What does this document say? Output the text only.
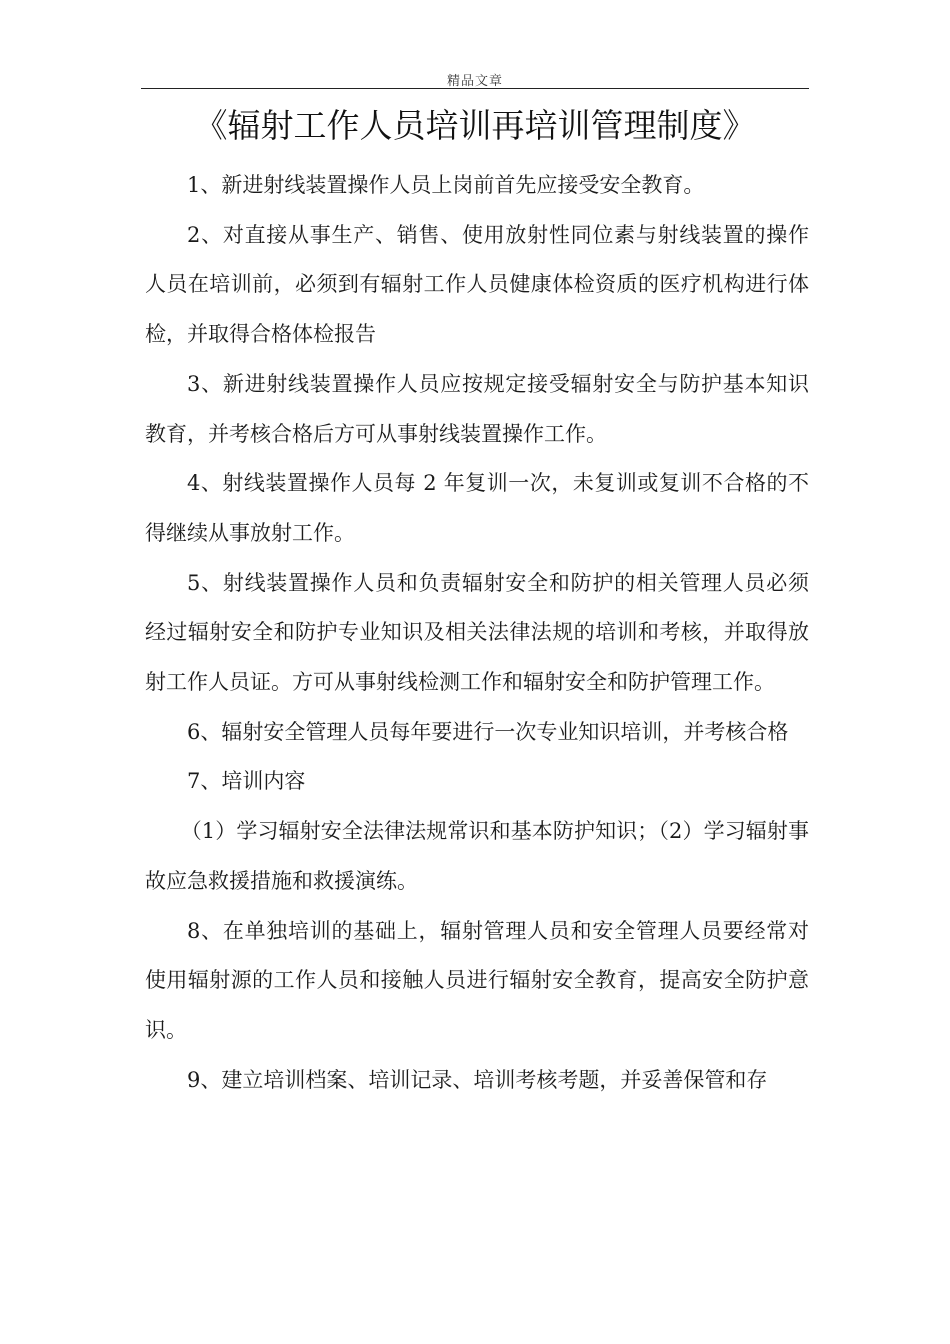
精品文章
《辐射工作人员培训再培训管理制度》

1、新进射线装置操作人员上岗前首先应接受安全教育。

2、对直接从事生产、销售、使用放射性同位素与射线装置的操作人员在培训前，必须到有辐射工作人员健康体检资质的医疗机构进行体检，并取得合格体检报告

3、新进射线装置操作人员应按规定接受辐射安全与防护基本知识教育，并考核合格后方可从事射线装置操作工作。

4、射线装置操作人员每 2 年复训一次，未复训或复训不合格的不得继续从事放射工作。

5、射线装置操作人员和负责辐射安全和防护的相关管理人员必须经过辐射安全和防护专业知识及相关法律法规的培训和考核，并取得放射工作人员证。方可从事射线检测工作和辐射安全和防护管理工作。

6、辐射安全管理人员每年要进行一次专业知识培训，并考核合格

7、培训内容

（1）学习辐射安全法律法规常识和基本防护知识；（2）学习辐射事故应急救援措施和救援演练。

8、在单独培训的基础上，辐射管理人员和安全管理人员要经常对使用辐射源的工作人员和接触人员进行辐射安全教育，提高安全防护意识。

9、建立培训档案、培训记录、培训考核考题，并妥善保管和存
